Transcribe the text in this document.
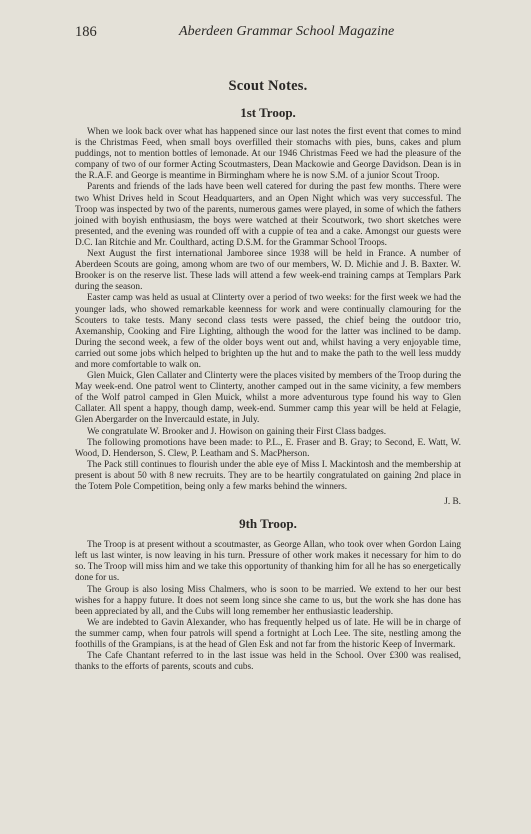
186	Aberdeen Grammar School Magazine
Scout Notes.
1st Troop.

When we look back over what has happened since our last notes the first event that comes to mind is the Christmas Feed, when small boys overfilled their stomachs with pies, buns, cakes and plum puddings, not to mention bottles of lemonade. At our 1946 Christmas Feed we had the pleasure of the company of two of our former Acting Scoutmasters, Dean Mackowie and George Davidson. Dean is in the R.A.F. and George is meantime in Birmingham where he is now S.M. of a junior Scout Troop.

Parents and friends of the lads have been well catered for during the past few months. There were two Whist Drives held in Scout Headquarters, and an Open Night which was very successful. The Troop was inspected by two of the parents, numerous games were played, in some of which the fathers joined with boyish enthusiasm, the boys were watched at their Scoutwork, two short sketches were presented, and the evening was rounded off with a cuppie of tea and a cake. Amongst our guests were D.C. Ian Ritchie and Mr. Coulthard, acting D.S.M. for the Grammar School Troops.

Next August the first international Jamboree since 1938 will be held in France. A number of Aberdeen Scouts are going, among whom are two of our members, W. D. Michie and J. B. Baxter. W. Brooker is on the reserve list. These lads will attend a few week-end training camps at Templars Park during the season.

Easter camp was held as usual at Clinterty over a period of two weeks: for the first week we had the younger lads, who showed remarkable keenness for work and were continually clamouring for the Scouters to take tests. Many second class tests were passed, the chief being the outdoor trio, Axemanship, Cooking and Fire Lighting, although the wood for the latter was inclined to be damp. During the second week, a few of the older boys went out and, whilst having a very enjoyable time, carried out some jobs which helped to brighten up the hut and to make the path to the well less muddy and more comfortable to walk on.

Glen Muick, Glen Callater and Clinterty were the places visited by members of the Troop during the May week-end. One patrol went to Clinterty, another camped out in the same vicinity, a few members of the Wolf patrol camped in Glen Muick, whilst a more adventurous type found his way to Glen Callater. All spent a happy, though damp, week-end. Summer camp this year will be held at Felagie, Glen Abergarder on the Invercauld estate, in July.

We congratulate W. Brooker and J. Howison on gaining their First Class badges.

The following promotions have been made: to P.L., E. Fraser and B. Gray; to Second, E. Watt, W. Wood, D. Henderson, S. Clew, P. Leatham and S. MacPherson.

The Pack still continues to flourish under the able eye of Miss I. Mackintosh and the membership at present is about 50 with 8 new recruits. They are to be heartily congratulated on gaining 2nd place in the Totem Pole Competition, being only a few marks behind the winners.

J. B.

9th Troop.

The Troop is at present without a scoutmaster, as George Allan, who took over when Gordon Laing left us last winter, is now leaving in his turn. Pressure of other work makes it necessary for him to do so. The Troop will miss him and we take this opportunity of thanking him for all he has so energetically done for us.

The Group is also losing Miss Chalmers, who is soon to be married. We extend to her our best wishes for a happy future. It does not seem long since she came to us, but the work she has done has been appreciated by all, and the Cubs will long remember her enthusiastic leadership.

We are indebted to Gavin Alexander, who has frequently helped us of late. He will be in charge of the summer camp, when four patrols will spend a fortnight at Loch Lee. The site, nestling among the foothills of the Grampians, is at the head of Glen Esk and not far from the historic Keep of Invermark.

The Cafe Chantant referred to in the last issue was held in the School. Over £300 was realised, thanks to the efforts of parents, scouts and cubs.
